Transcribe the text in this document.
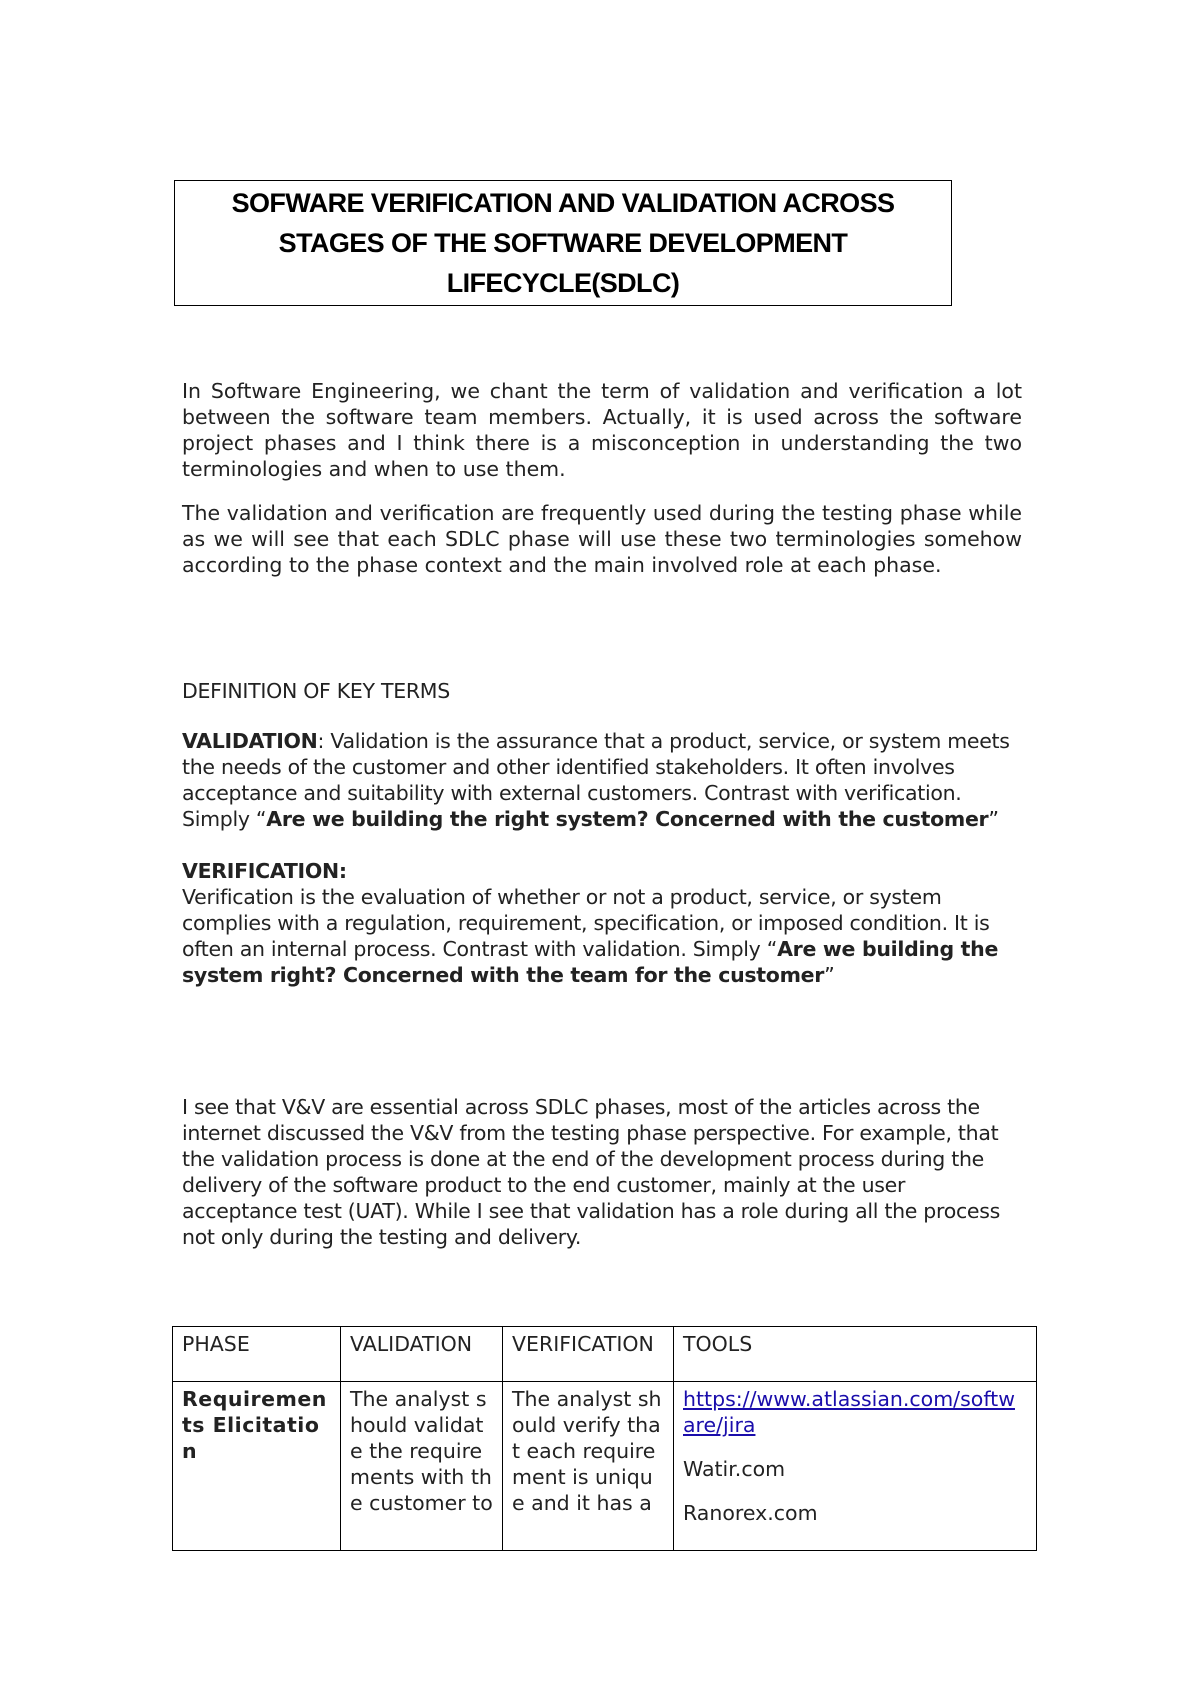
SOFWARE VERIFICATION AND VALIDATION ACROSS
STAGES OF THE SOFTWARE DEVELOPMENT
LIFECYCLE(SDLC)
In Software Engineering, we chant the term of validation and verification a lot between the software team members. Actually, it is used across the software project phases and I think there is a misconception in understanding the two terminologies and when to use them.
The validation and verification are frequently used during the testing phase while as we will see that each SDLC phase will use these two terminologies somehow according to the phase context and the main involved role at each phase.
DEFINITION OF KEY TERMS
VALIDATION: Validation is the assurance that a product, service, or system meets the needs of the customer and other identified stakeholders. It often involves acceptance and suitability with external customers. Contrast with verification. Simply “Are we building the right system? Concerned with the customer”
VERIFICATION:
Verification is the evaluation of whether or not a product, service, or system complies with a regulation, requirement, specification, or imposed condition. It is often an internal process. Contrast with validation. Simply “Are we building the system right? Concerned with the team for the customer”
I see that V&V are essential across SDLC phases, most of the articles across the internet discussed the V&V from the testing phase perspective. For example, that the validation process is done at the end of the development process during the delivery of the software product to the end customer, mainly at the user acceptance test (UAT). While I see that validation has a role during all the process not only during the testing and delivery.
PHASE	VALIDATION	VERIFICATION	TOOLS
Requirements Elicitation	The analyst should validate the requirements with the customer to	The analyst should verify that each requirement is unique and it has a	https://www.atlassian.com/software/jira
Watir.com
Ranorex.com
